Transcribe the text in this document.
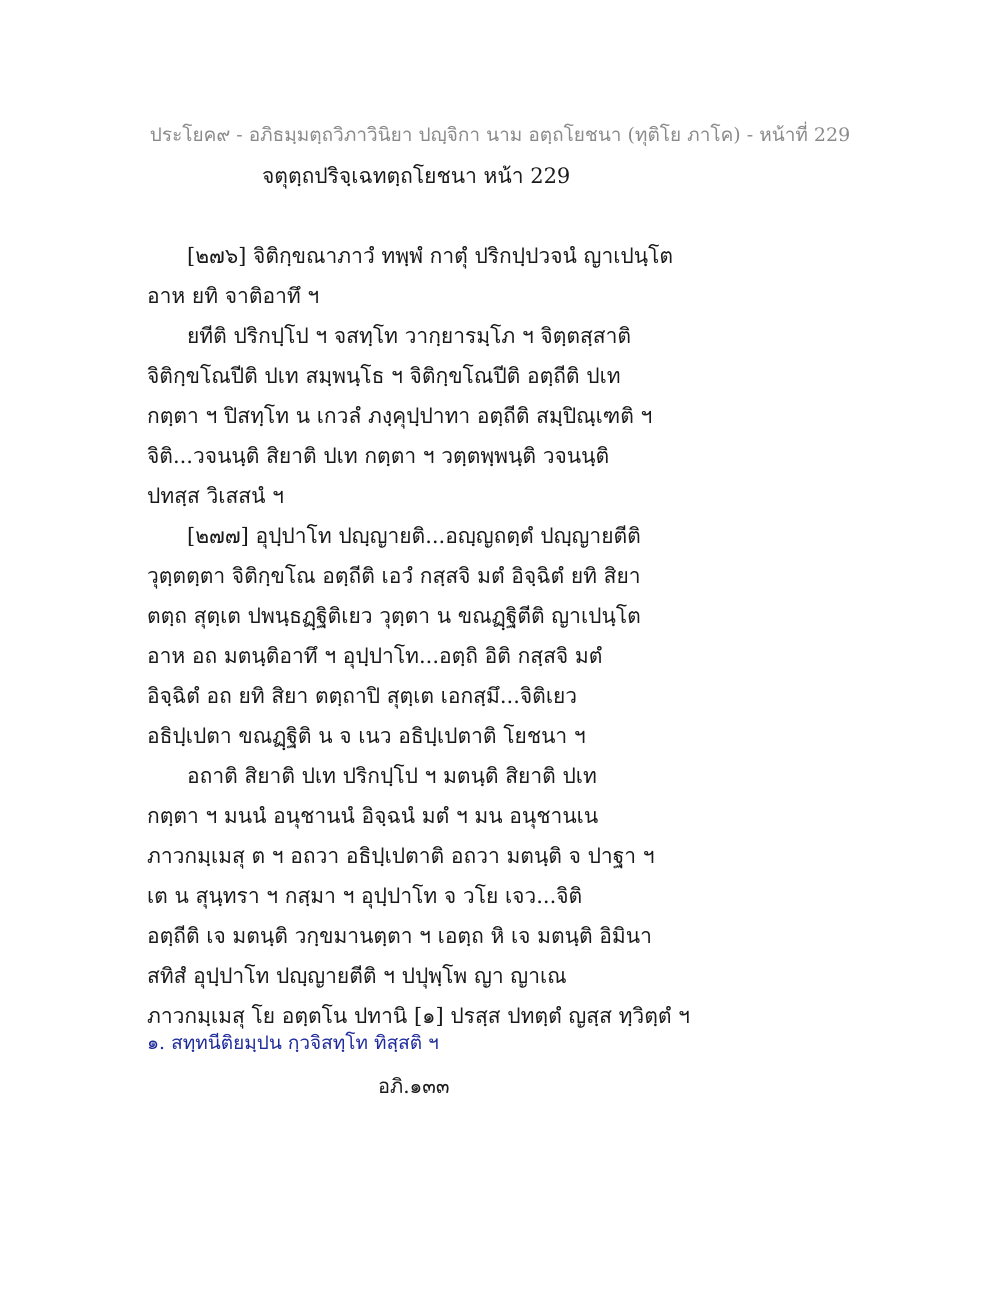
ประโยค๙ - อภิธมฺมตฺถวิภาวินิยา ปญฺจิกา นาม อตฺถโยชนา (ทุติโย ภาโค) - หน้าที่ 229
จตุตฺถปริจฺเฉทตฺถโยชนา หน้า 229
[๒๗๖] จิติกฺขณาภาวํ ทพฺพํ กาตุํ ปริกปฺปวจนํ ญาเปนฺโต
อาห ยทิ จาติอาทึ ฯ
ยทีติ ปริกปฺโป ฯ จสทฺโท วากฺยารมฺโภ ฯ จิตฺตสฺสาติ
จิติกฺขโณปีติ ปเท สมฺพนฺโธ ฯ จิติกฺขโณปีติ อตฺถีติ ปเท
กตฺตา ฯ ปิสทฺโท น เกวลํ ภงฺคุปฺปาทา อตฺถีติ สมฺปิณฺเฑติ ฯ
จิติ...วจนนฺติ สิยาติ ปเท กตฺตา ฯ วตฺตพฺพนฺติ วจนนฺติ
ปทสฺส วิเสสนํ ฯ
[๒๗๗] อุปฺปาโท ปญฺญายติ...อญฺญถตฺตํ ปญฺญายตีติ
วุตฺตตฺตา จิติกฺขโณ อตฺถีติ เอวํ กสฺสจิ มตํ อิจฺฉิตํ ยทิ สิยา
ตตฺถ สุตฺเต ปพนฺธฏฺฐิติเยว วุตฺตา น ขณฏฺฐิตีติ ญาเปนฺโต
อาห อถ มตนฺติอาทึ ฯ อุปฺปาโท...อตฺถิ อิติ กสฺสจิ มตํ
อิจฺฉิตํ อถ ยทิ สิยา ตตฺถาปิ สุตฺเต เอกสฺมึ...จิติเยว
อธิปฺเปตา ขณฏฺฐิติ น จ เนว อธิปฺเปตาติ โยชนา ฯ
อถาติ สิยาติ ปเท ปริกปฺโป ฯ มตนฺติ สิยาติ ปเท
กตฺตา ฯ มนนํ อนุชานนํ อิจฺฉนํ มตํ ฯ มน อนุชานเน
ภาวกมฺเมสุ ต ฯ อถวา อธิปฺเปตาติ อถวา มตนฺติ จ ปาฐา ฯ
เต น สุนฺทรา ฯ กสฺมา ฯ อุปฺปาโท จ วโย เจว...จิติ
อตฺถีติ เจ มตนฺติ วกฺขมานตฺตา ฯ เอตฺถ หิ เจ มตนฺติ อิมินา
สทิสํ อุปฺปาโท ปญฺญายตีติ ฯ ปปุพฺโพ ญา ญาเณ
ภาวกมฺเมสุ โย อตฺตโน ปทานิ [๑] ปรสฺส ปทตฺตํ ญสฺส ทฺวิตฺตํ ฯ
๑. สทฺทนีติยมฺปน กฺวจิสทฺโท ทิสฺสติ ฯ
อภิ.๑๓๓
